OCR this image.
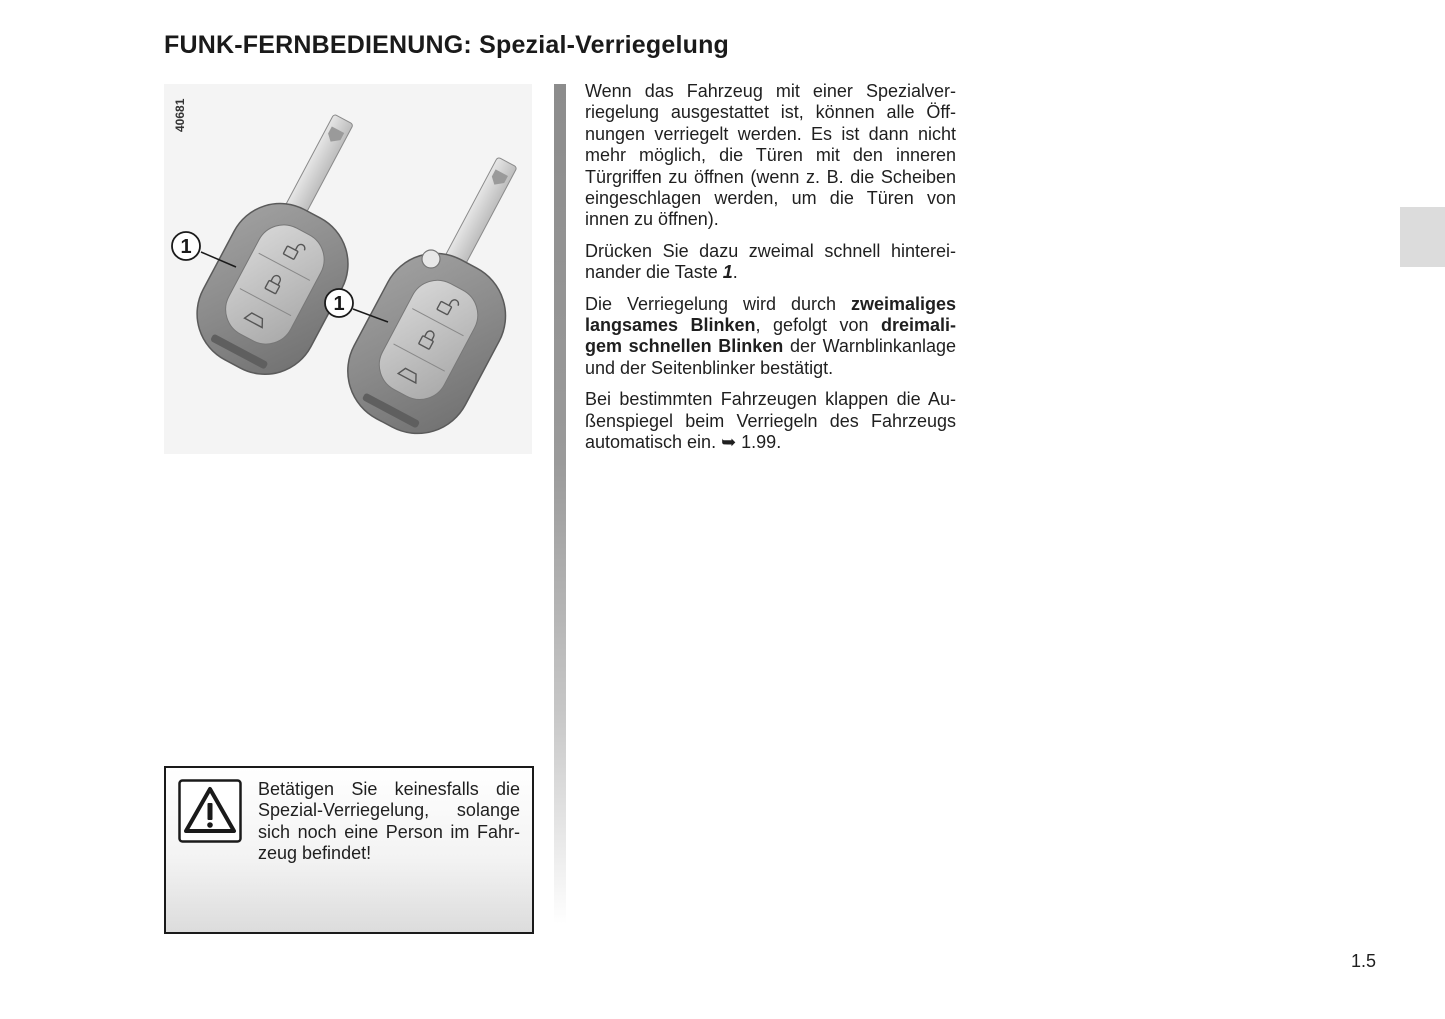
FUNK-FERNBEDIENUNG: Spezial-Verriegelung
40681
1
1

Wenn das Fahrzeug mit einer Spezialverriegelung ausgestattet ist, können alle Öffnungen verriegelt werden. Es ist dann nicht mehr möglich, die Türen mit den inneren Türgriffen zu öffnen (wenn z. B. die Scheiben eingeschlagen werden, um die Türen von innen zu öffnen).

Drücken Sie dazu zweimal schnell hintereinander die Taste 1.

Die Verriegelung wird durch zweimaliges langsames Blinken, gefolgt von dreimaligem schnellen Blinken der Warnblinkanlage und der Seitenblinker bestätigt.

Bei bestimmten Fahrzeugen klappen die Außenspiegel beim Verriegeln des Fahrzeugs automatisch ein. ➥ 1.99.

Betätigen Sie keinesfalls die Spezial-Verriegelung, solange sich noch eine Person im Fahrzeug befindet!

1.5
